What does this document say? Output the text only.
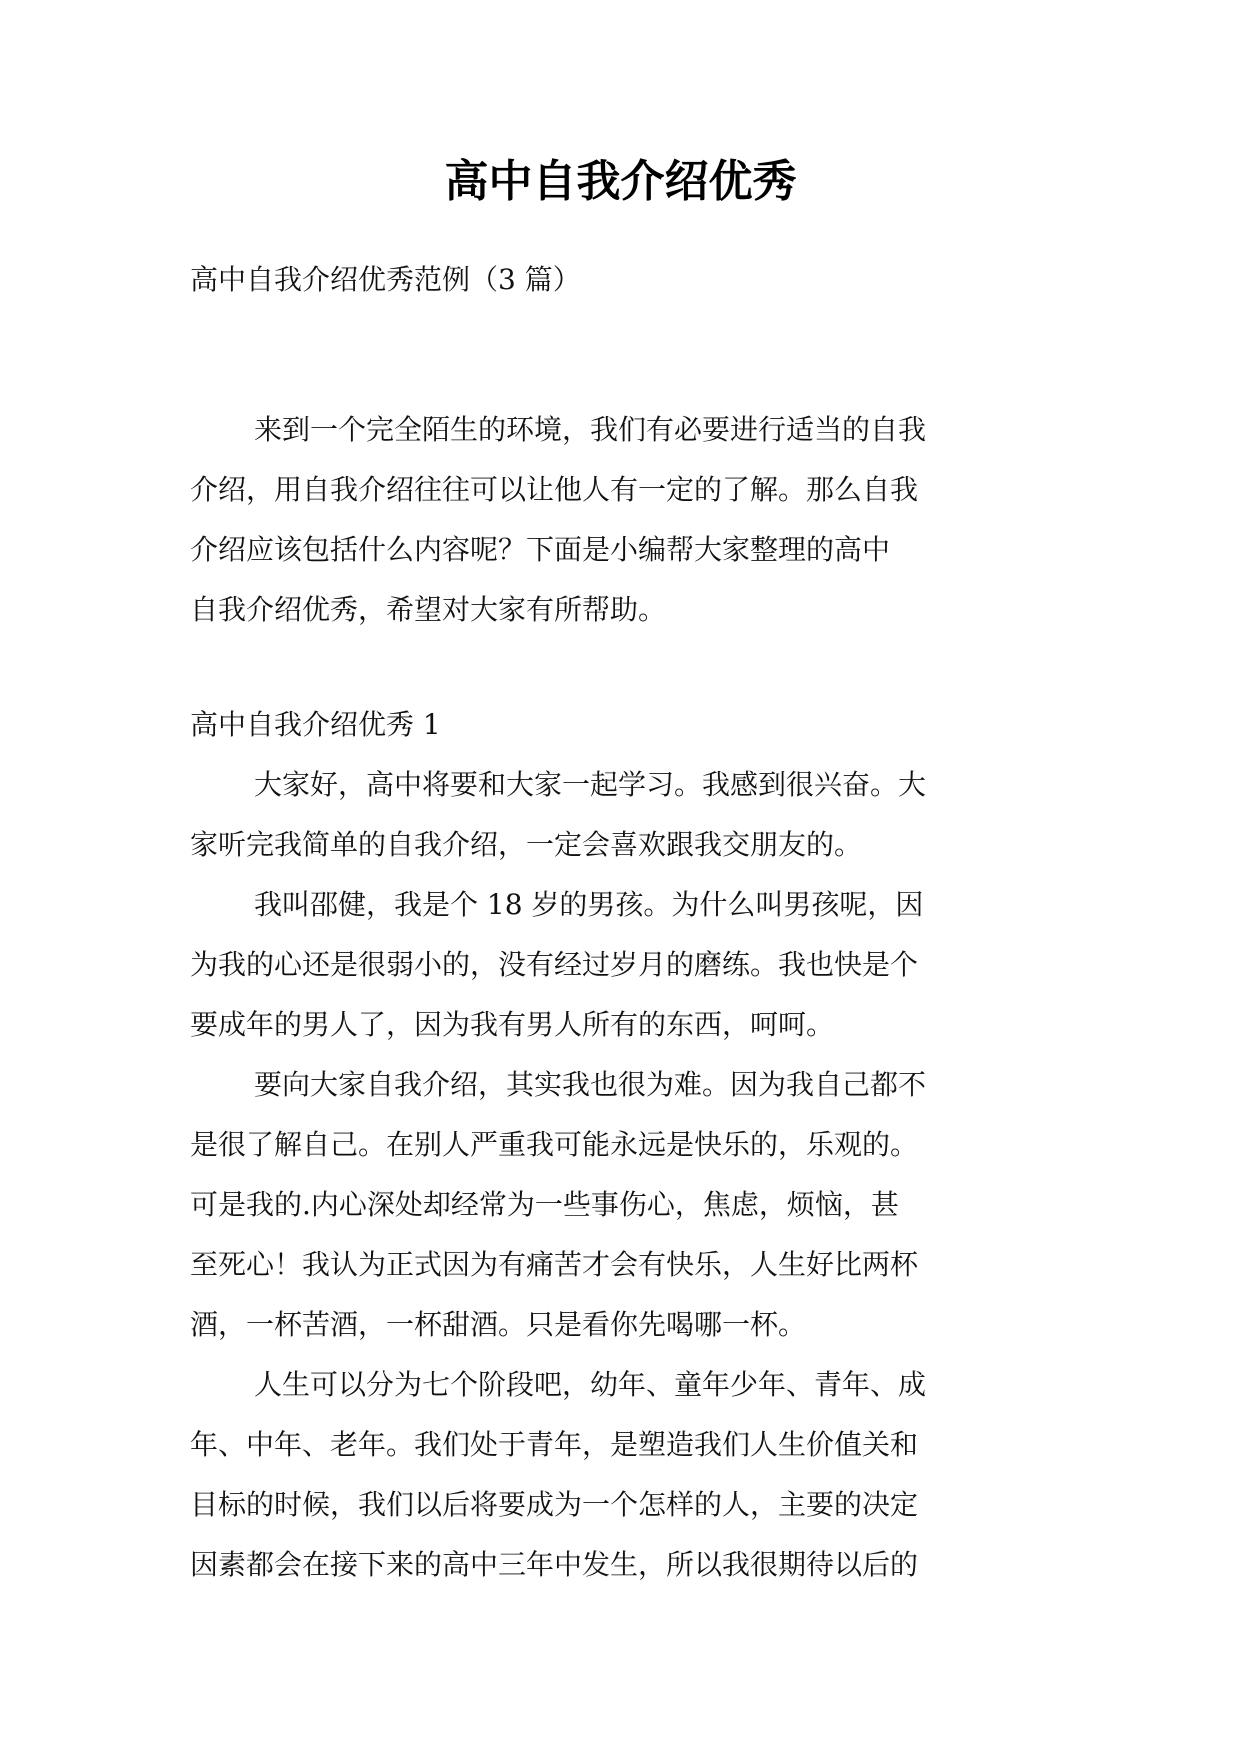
高中自我介绍优秀
高中自我介绍优秀范例（3 篇）
来到一个完全陌生的环境，我们有必要进行适当的自我
介绍，用自我介绍往往可以让他人有一定的了解。那么自我
介绍应该包括什么内容呢？下面是小编帮大家整理的高中
自我介绍优秀，希望对大家有所帮助。
高中自我介绍优秀 1
大家好，高中将要和大家一起学习。我感到很兴奋。大
家听完我简单的自我介绍，一定会喜欢跟我交朋友的。
我叫邵健，我是个 18 岁的男孩。为什么叫男孩呢，因
为我的心还是很弱小的，没有经过岁月的磨练。我也快是个
要成年的男人了，因为我有男人所有的东西，呵呵。
要向大家自我介绍，其实我也很为难。因为我自己都不
是很了解自己。在别人严重我可能永远是快乐的，乐观的。
可是我的.内心深处却经常为一些事伤心，焦虑，烦恼，甚
至死心！我认为正式因为有痛苦才会有快乐，人生好比两杯
酒，一杯苦酒，一杯甜酒。只是看你先喝哪一杯。
人生可以分为七个阶段吧，幼年、童年少年、青年、成
年、中年、老年。我们处于青年，是塑造我们人生价值关和
目标的时候，我们以后将要成为一个怎样的人，主要的决定
因素都会在接下来的高中三年中发生，所以我很期待以后的
